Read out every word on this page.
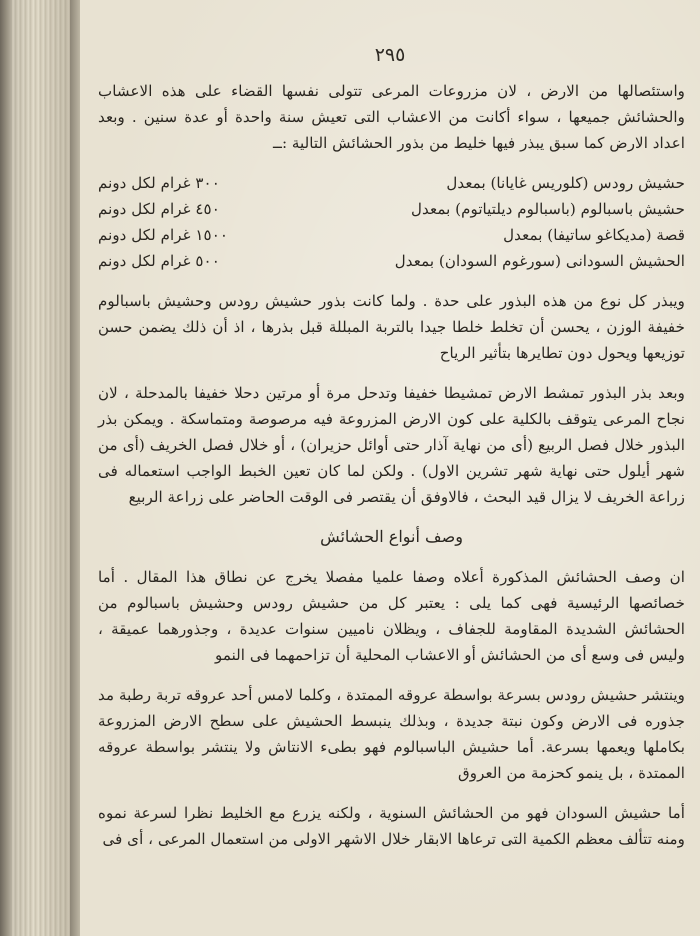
٢٩٥

واستئصالها من الارض ، لان مزروعات المرعى تتولى نفسها القضاء على هذه الاعشاب والحشائش جميعها ، سواء أكانت من الاعشاب التى تعيش سنة واحدة أو عدة سنين . وبعد اعداد الارض كما سبق يبذر فيها خليط من بذور الحشائش التالية :ــ

حشيش رودس (كلوريس غايانا) بمعدل
٣٠٠ غرام لكل دونم
حشيش باسبالوم (باسبالوم ديلتياتوم) بمعدل
٤٥٠ غرام لكل دونم
قصة (مديكاغو ساتيفا) بمعدل
١٥٠٠ غرام لكل دونم
الحشيش السودانى (سورغوم السودان) بمعدل
٥٠٠ غرام لكل دونم

ويبذر كل نوع من هذه البذور على حدة . ولما كانت بذور حشيش رودس وحشيش باسبالوم خفيفة الوزن ، يحسن أن تخلط خلطا جيدا بالتربة المبللة قبل بذرها ، اذ أن ذلك يضمن حسن توزيعها ويحول دون تطايرها بتأثير الرياح

وبعد بذر البذور تمشط الارض تمشيطا خفيفا وتدحل مرة أو مرتين دحلا خفيفا بالمدحلة ، لان نجاح المرعى يتوقف بالكلية على كون الارض المزروعة فيه مرصوصة ومتماسكة . ويمكن بذر البذور خلال فصل الربيع (أى من نهاية آذار حتى أوائل حزيران) ، أو خلال فصل الخريف (أى من شهر أيلول حتى نهاية شهر تشرين الاول) . ولكن لما كان تعين الخبط الواجب استعماله فى زراعة الخريف لا يزال قيد البحث ، فالاوفق أن يقتصر فى الوقت الحاضر على زراعة الربيع

وصف أنواع الحشائش

ان وصف الحشائش المذكورة أعلاه وصفا علميا مفصلا يخرج عن نطاق هذا المقال . أما خصائصها الرئيسية فهى كما يلى : يعتبر كل من حشيش رودس وحشيش باسبالوم من الحشائش الشديدة المقاومة للجفاف ، ويظلان ناميين سنوات عديدة ، وجذورهما عميقة ، وليس فى وسع أى من الحشائش أو الاعشاب المحلية أن تزاحمهما فى النمو

وينتشر حشيش رودس بسرعة بواسطة عروقه الممتدة ، وكلما لامس أحد عروقه تربة رطبة مد جذوره فى الارض وكون نبتة جديدة ، وبذلك ينبسط الحشيش على سطح الارض المزروعة بكاملها ويعمها بسرعة. أما حشيش الباسبالوم فهو بطىء الانتاش ولا ينتشر بواسطة عروقه الممتدة ، بل ينمو كحزمة من العروق

أما حشيش السودان فهو من الحشائش السنوية ، ولكنه يزرع مع الخليط نظرا لسرعة نموه ومنه تتألف معظم الكمية التى ترعاها الابقار خلال الاشهر الاولى من استعمال المرعى ، أى فى
